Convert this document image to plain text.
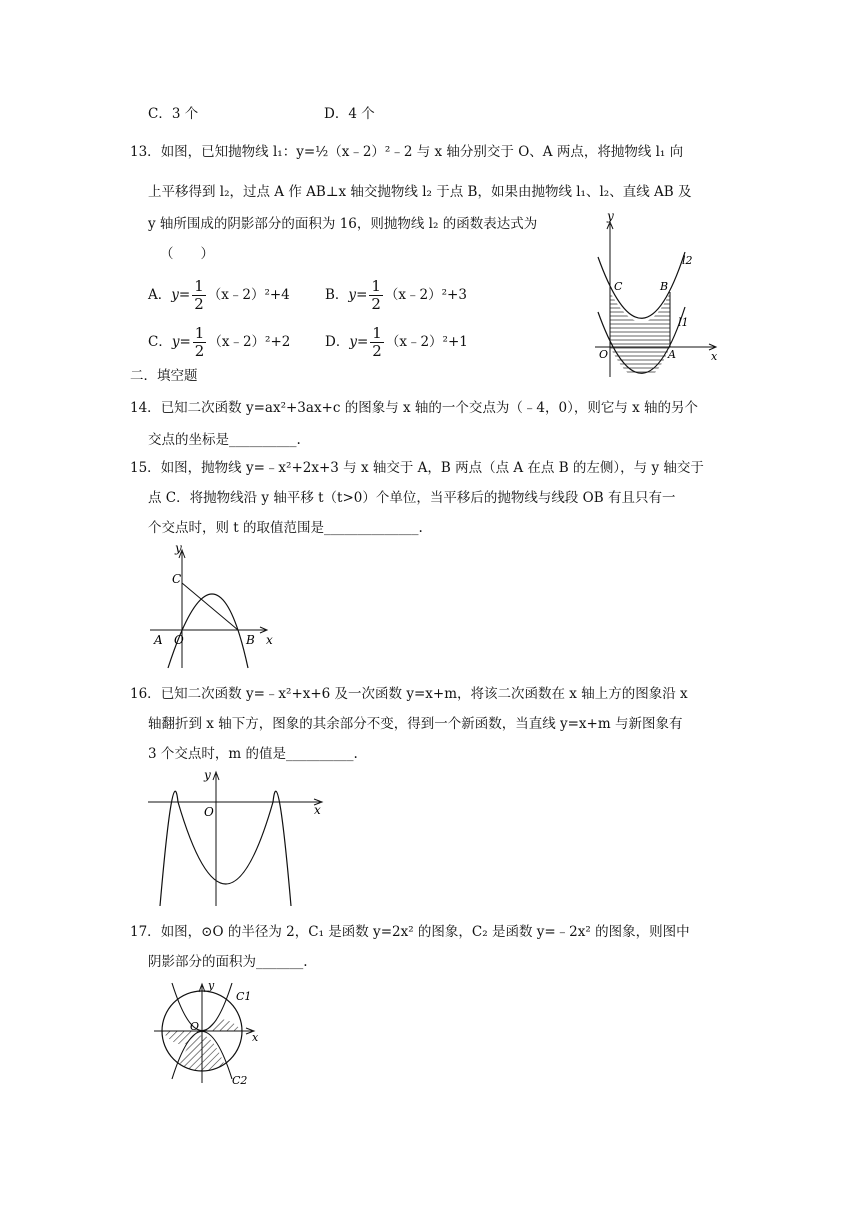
C．3 个	D．4 个
13．如图，已知抛物线 l₁：y=½（x﹣2）²﹣2 与 x 轴分别交于 O、A 两点，将抛物线 l₁ 向
上平移得到 l₂，过点 A 作 AB⊥x 轴交抛物线 l₂ 于点 B，如果由抛物线 l₁、l₂、直线 AB 及
y 轴所围成的阴影部分的面积为 16，则抛物线 l₂ 的函数表达式为
（　　）
A．$y= \frac{1}{2}$ （x﹣2）²+4	B．$y= \frac{1}{2}$ （x﹣2）²+3
C．$y= \frac{1}{2}$ （x﹣2）²+2	D．$y= \frac{1}{2}$ （x﹣2）²+1
y
l2
C	B
l1
O	A	x
二．填空题
14．已知二次函数 y=ax²+3ax+c 的图象与 x 轴的一个交点为（﹣4，0），则它与 x 轴的另个
交点的坐标是__________.
15．如图，抛物线 y=﹣x²+2x+3 与 x 轴交于 A，B 两点（点 A 在点 B 的左侧），与 y 轴交于
点 C．将抛物线沿 y 轴平移 t（t>0）个单位，当平移后的抛物线与线段 OB 有且只有一
个交点时，则 t 的取值范围是______________.
y
C
A O	B x
16．已知二次函数 y=﹣x²+x+6 及一次函数 y=x+m，将该二次函数在 x 轴上方的图象沿 x
轴翻折到 x 轴下方，图象的其余部分不变，得到一个新函数，当直线 y=x+m 与新图象有
3 个交点时，m 的值是__________.
y
O	x
17．如图，⊙O 的半径为 2，C₁ 是函数 y=2x² 的图象，C₂ 是函数 y=﹣2x² 的图象，则图中
阴影部分的面积为_______.
y
C1
O
x
C2
